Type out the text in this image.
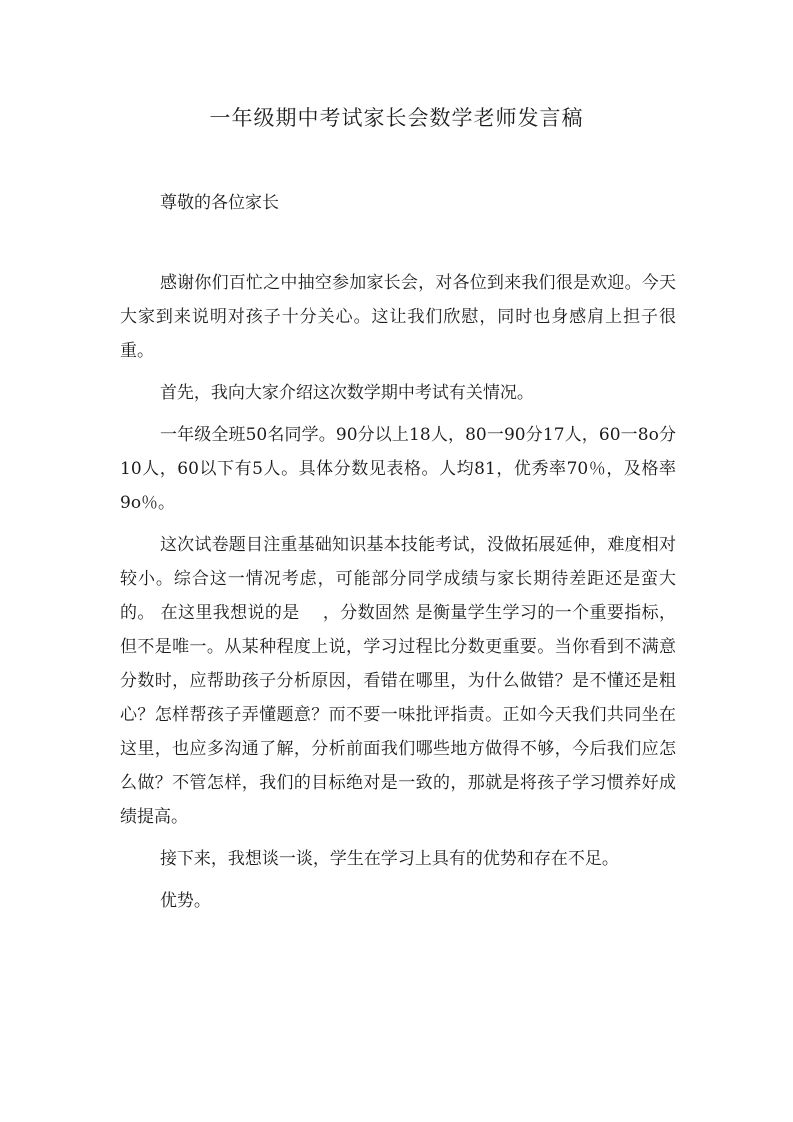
一年级期中考试家长会数学老师发言稿

尊敬的各位家长

感谢你们百忙之中抽空参加家长会，对各位到来我们很是欢迎。今天大家到来说明对孩子十分关心。这让我们欣慰，同时也身感肩上担子很重。

首先，我向大家介绍这次数学期中考试有关情况。

一年级全班50名同学。90分以上18人，80一90分17人，60一8o分10人，60以下有5人。具体分数见表格。人均81，优秀率70％，及格率9o％。

这次试卷题目注重基础知识基本技能考试，没做拓展延伸，难度相对较小。综合这一情况考虑，可能部分同学成绩与家长期待差距还是蛮大的。 在这里我想说的是　 ，分数固然 是衡量学生学习的一个重要指标，但不是唯一。从某种程度上说，学习过程比分数更重要。当你看到不满意分数时，应帮助孩子分析原因，看错在哪里，为什么做错？是不懂还是粗心？怎样帮孩子弄懂题意？而不要一味批评指责。正如今天我们共同坐在这里，也应多沟通了解，分析前面我们哪些地方做得不够，今后我们应怎么做？不管怎样，我们的目标绝对是一致的，那就是将孩子学习惯养好成绩提高。

接下来，我想谈一谈，学生在学习上具有的优势和存在不足。

优势。
